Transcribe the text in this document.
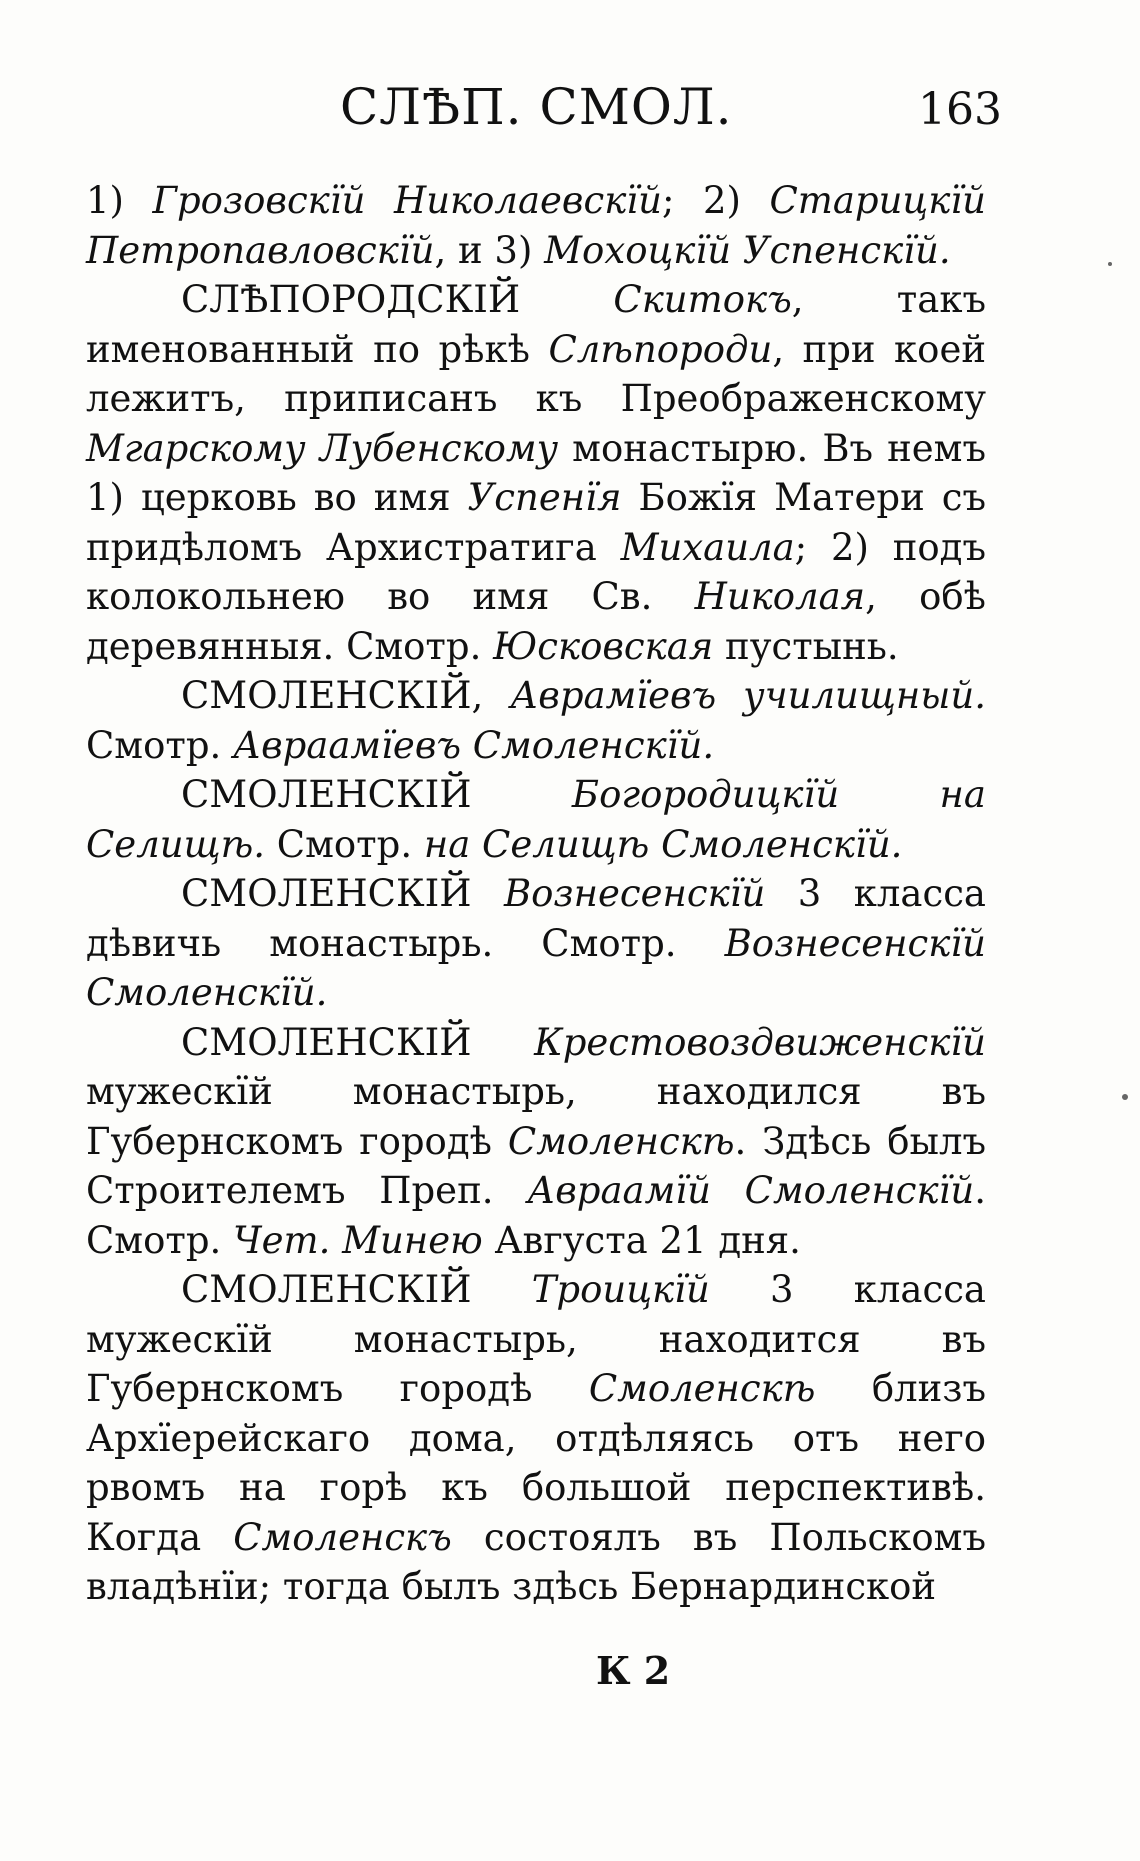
СЛѢП. СМОЛ.	163

1) Грозовскїй Николаевскїй; 2) Старицкїй Петропавловскїй, и 3) Мохоцкїй Успенскїй.

СЛѢПОРОДСКІЙ Скитокъ, такъ именованный по рѣкѣ Слѣпороди, при коей лежитъ, приписанъ къ Преображенскому Мгарскому Лубенскому монастырю. Въ немъ 1) церковь во имя Успенїя Божїя Матери съ придѣломъ Архистратига Михаила; 2) подъ колокольнею во имя Св. Николая, обѣ деревянныя. Смотр. Юсковская пустынь.

СМОЛЕНСКІЙ, Аврамїевъ училищный. Смотр. Авраамїевъ Смоленскїй.

СМОЛЕНСКІЙ Богородицкїй на Селищѣ. Смотр. на Селищѣ Смоленскїй.

СМОЛЕНСКІЙ Вознесенскїй 3 класса дѣвичь монастырь. Смотр. Вознесенскїй Смоленскїй.

СМОЛЕНСКІЙ Крестовоздвиженскїй мужескїй монастырь, находился въ Губернскомъ городѣ Смоленскѣ. Здѣсь былъ Строителемъ Преп. Авраамїй Смоленскїй. Смотр. Чет. Минею Августа 21 дня.

СМОЛЕНСКІЙ Троицкїй 3 класса мужескїй монастырь, находится въ Губернскомъ городѣ Смоленскѣ близъ Архїерейскаго дома, отдѣляясь отъ него рвомъ на горѣ къ большой перспективѣ. Когда Смоленскъ состоялъ въ Польскомъ владѣнїи; тогда былъ здѣсь Бернардинской

К 2
